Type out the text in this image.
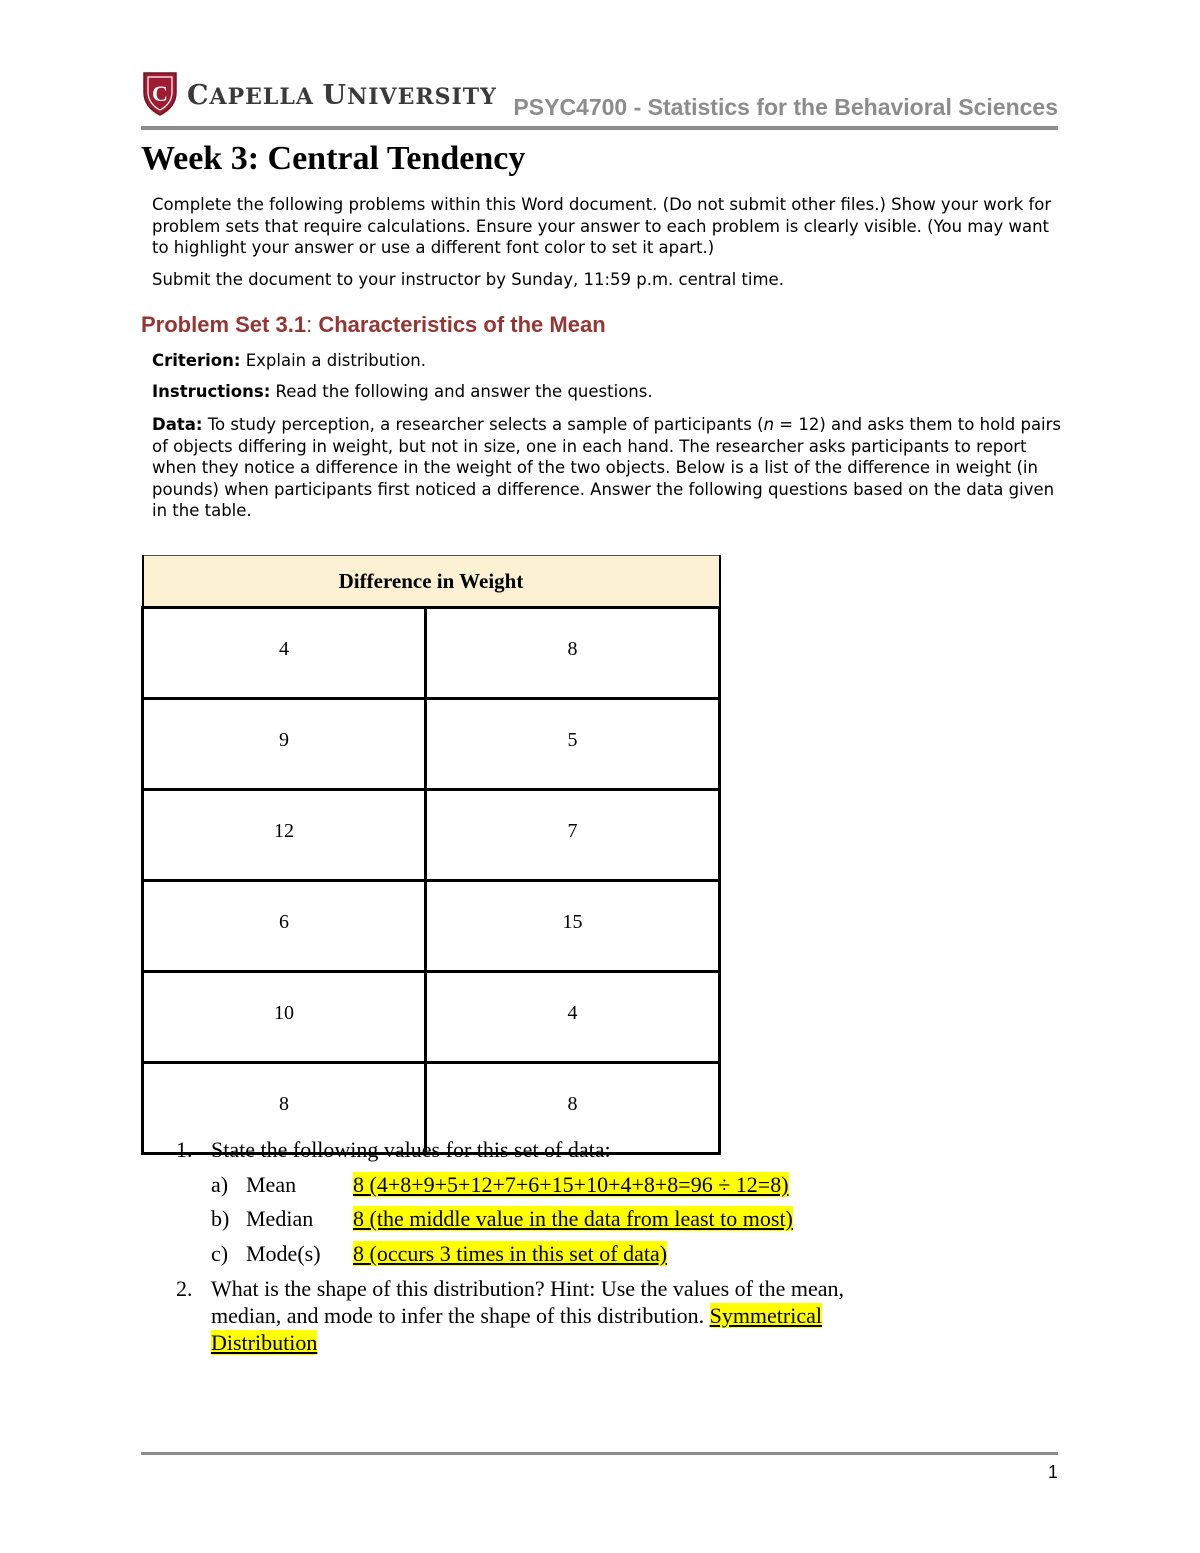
C CAPELLA UNIVERSITY PSYC4700 - Statistics for the Behavioral Sciences
Week 3: Central Tendency

Complete the following problems within this Word document. (Do not submit other files.) Show your work for problem sets that require calculations. Ensure your answer to each problem is clearly visible. (You may want to highlight your answer or use a different font color to set it apart.)

Submit the document to your instructor by Sunday, 11:59 p.m. central time.

Problem Set 3.1: Characteristics of the Mean

Criterion: Explain a distribution.

Instructions: Read the following and answer the questions.

Data: To study perception, a researcher selects a sample of participants (n = 12) and asks them to hold pairs of objects differing in weight, but not in size, one in each hand. The researcher asks participants to report when they notice a difference in the weight of the two objects. Below is a list of the difference in weight (in pounds) when participants first noticed a difference. Answer the following questions based on the data given in the table.

Difference in Weight	
4	8
9	5
12	7
6	15
10	4
8	8
1. State the following values for this set of data:
a) Mean	8 (4+8+9+5+12+7+6+15+10+4+8+8=96 ÷ 12=8)
b) Median 8 (the middle value in the data from least to most)
c) Mode(s) 8 (occurs 3 times in this set of data)
2. What is the shape of this distribution? Hint: Use the values of the mean,
median, and mode to infer the shape of this distribution. Symmetrical
Distribution
1
